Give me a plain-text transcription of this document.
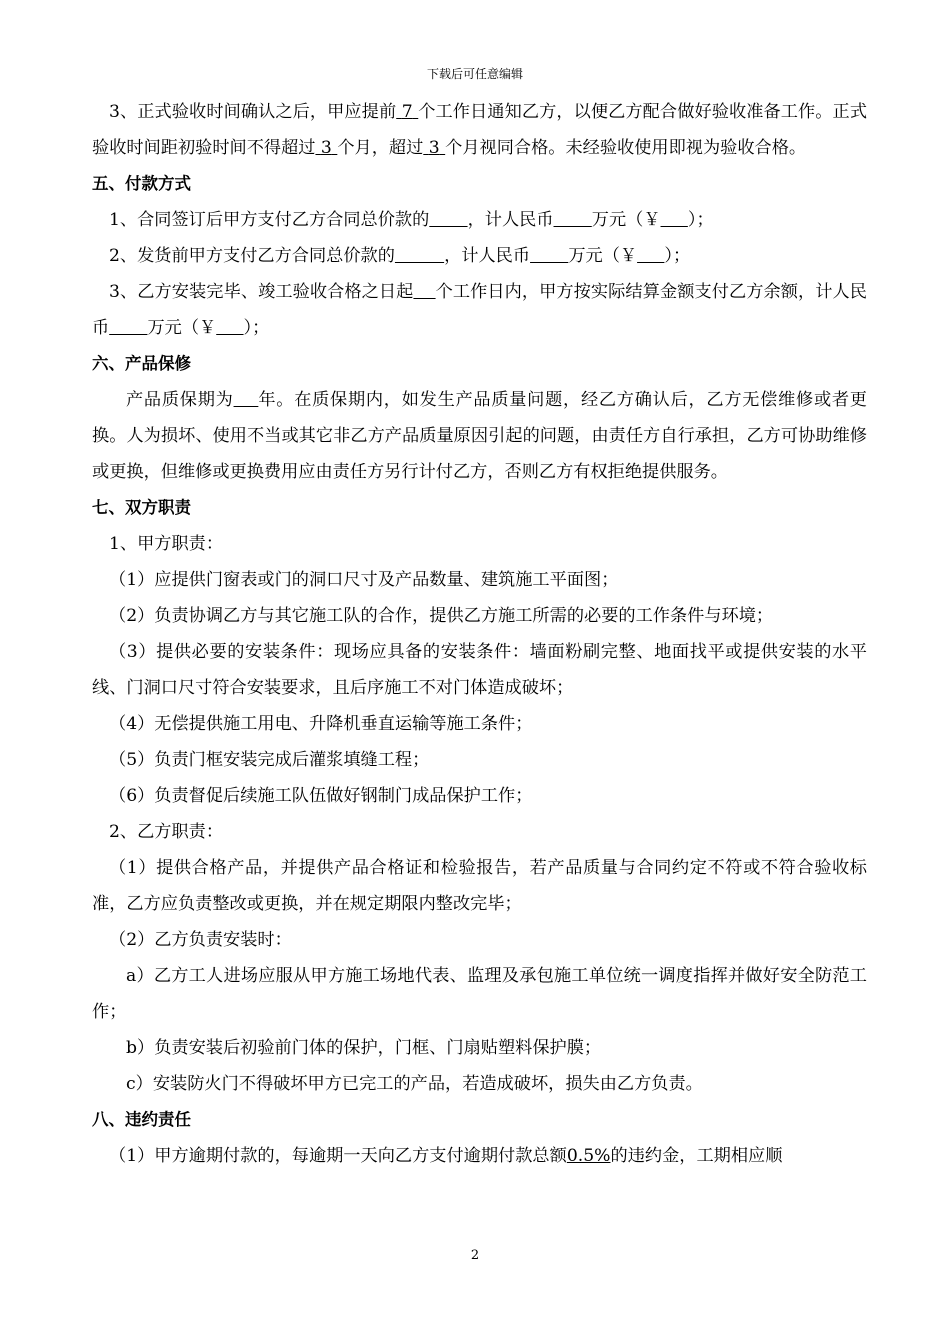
下载后可任意编辑

3、正式验收时间确认之后，甲应提前 7 个工作日通知乙方，以便乙方配合做好验收准备工作。正式验收时间距初验时间不得超过 3 个月，超过 3 个月视同合格。未经验收使用即视为验收合格。

五、付款方式

1、合同签订后甲方支付乙方合同总价款的 ，计人民币 万元（￥ ）；

2、发货前甲方支付乙方合同总价款的	，计人民币 万元（￥ ）；

3、乙方安装完毕、竣工验收合格之日起 个工作日内，甲方按实际结算金额支付乙方余额，计人民币 万元（￥ ）；

六、产品保修

产品质保期为 年。在质保期内，如发生产品质量问题，经乙方确认后，乙方无偿维修或者更换。人为损坏、使用不当或其它非乙方产品质量原因引起的问题，由责任方自行承担，乙方可协助维修或更换，但维修或更换费用应由责任方另行计付乙方，否则乙方有权拒绝提供服务。

七、双方职责

1、甲方职责：

（1）应提供门窗表或门的洞口尺寸及产品数量、建筑施工平面图；

（2）负责协调乙方与其它施工队的合作，提供乙方施工所需的必要的工作条件与环境；

（3）提供必要的安装条件：现场应具备的安装条件：墙面粉刷完整、地面找平或提供安装的水平线、门洞口尺寸符合安装要求，且后序施工不对门体造成破坏；

（4）无偿提供施工用电、升降机垂直运输等施工条件；

（5）负责门框安装完成后灌浆填缝工程；

（6）负责督促后续施工队伍做好钢制门成品保护工作；

2、乙方职责：

（1）提供合格产品，并提供产品合格证和检验报告，若产品质量与合同约定不符或不符合验收标准，乙方应负责整改或更换，并在规定期限内整改完毕；

（2）乙方负责安装时：

a）乙方工人进场应服从甲方施工场地代表、监理及承包施工单位统一调度指挥并做好安全防范工作；

b）负责安装后初验前门体的保护，门框、门扇贴塑料保护膜；

c）安装防火门不得破坏甲方已完工的产品，若造成破坏，损失由乙方负责。

八、违约责任

（1）甲方逾期付款的，每逾期一天向乙方支付逾期付款总额0.5%的违约金，工期相应顺

2
